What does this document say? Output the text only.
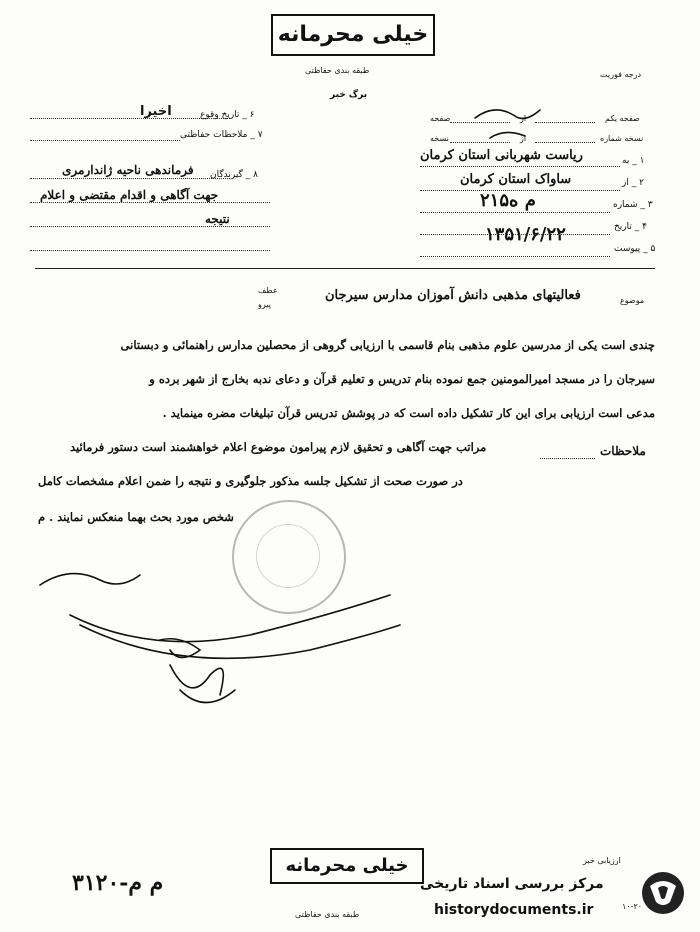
خیلی محرمانه
طبقه بندی حفاظتی	درجه فوریت
برگ خبر
اخیرا	۶ _ تاریخ وقوع
۷ _ ملاحظات حفاظتی
۸ _ گیرندگان
فرماندهی ناحیه ژاندارمری
جهت آگاهی و اقدام مقتضی و اعلام
نتیجه
صفحه	از	صفحه یکم
نسخه	از	نسخه شماره
۱ _ به
ریاست شهربانی استان کرمان
۲ _ از
ساواک استان کرمان
۳ _ شماره
۲۱۵م ه
۴ _ تاریخ
۱۳۵۱/۶/۲۲
۵ _ پیوست
عطف
پیرو
فعالیتهای مذهبی دانش آموزان مدارس سیرجان	موضوع
چندی است یکی از مدرسین علوم مذهبی بنام قاسمی با ارزیابی گروهی از محصلین مدارس راهنمائی و دبستانی
سیرجان را در مسجد امیرالمومنین جمع نموده بنام تدریس و تعلیم قرآن و دعای ندبه بخارج از شهر برده و
مدعی است ارزیابی برای این کار تشکیل داده است که در پوشش تدریس قرآن تبلیغات مضره مینماید .
ملاحظات
مراتب جهت آگاهی و تحقیق لازم پیرامون موضوع اعلام خواهشمند است دستور فرمائید
در صورت صحت از تشکیل جلسه مذکور جلوگیری و نتیجه را ضمن اعلام مشخصات کامل
شخص مورد بحث بهما منعکس نمایند . م
ارزیابی خبر
خیلی محرمانه
طبقه بندی حفاظتی
۳۱۲۰-م م
۱۰-۲۰
مرکز بررسی اسناد تاریخی
historydocuments.ir
